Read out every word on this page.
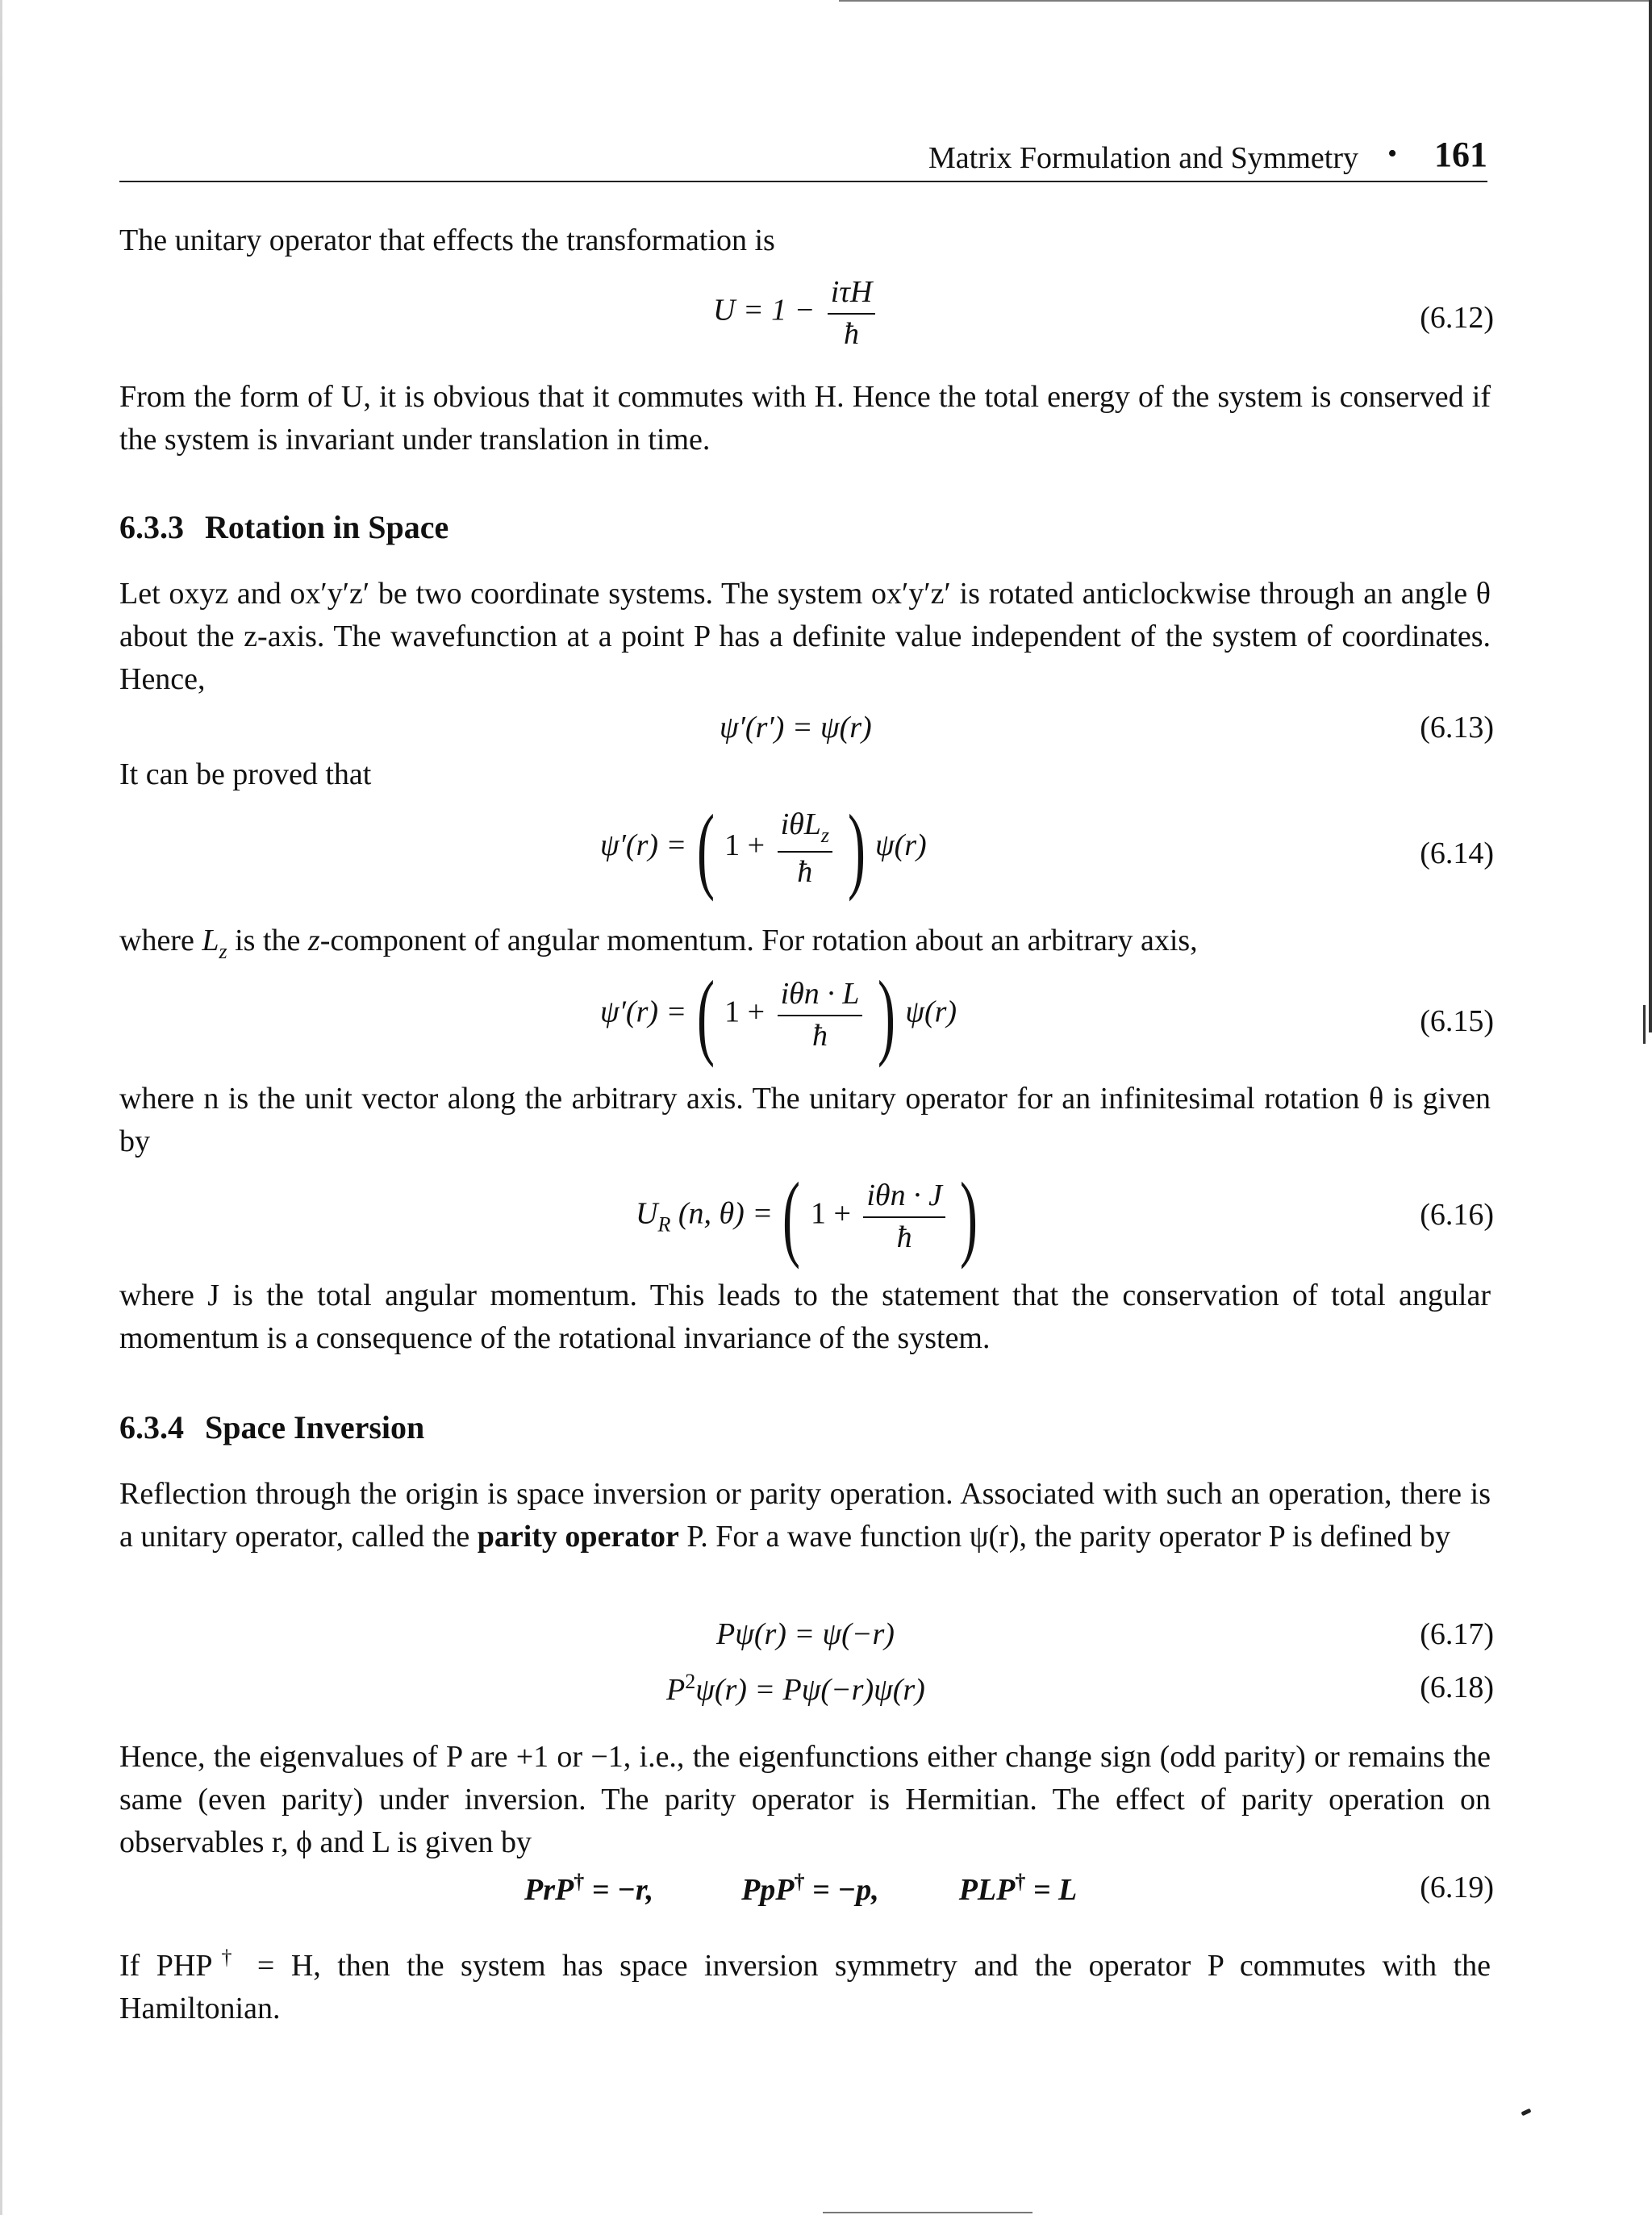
Matrix Formulation and Symmetry • 161
The unitary operator that effects the transformation is
$U = 1 - \frac{\text{iτH}}{ħ}$	(6.12)
From the form of U, it is obvious that it commutes with H. Hence the total energy of the system is conserved if the system is invariant under translation in time.
6.3.3 Rotation in Space
Let oxyz and ox′y′z′ be two coordinate systems. The system ox′y′z′ is rotated anticlockwise through an angle θ about the z-axis. The wavefunction at a point P has a definite value independent of the system of coordinates. Hence,
ψ′(r′) = ψ(r)	(6.13)
It can be proved that
ψ′(r) = ( $1 + \frac{i\theta L_z}{ħ}$ ) ψ(r)	(6.14)
where $L_z$ is the z-component of angular momentum. For rotation about an arbitrary axis,
ψ′(r) = ( $1 + \frac{\text{iθn · L}}{ħ}$ ) ψ(r)	(6.15)
where n is the unit vector along the arbitrary axis. The unitary operator for an infinitesimal rotation θ is given by
$U_R$ (n, θ) = ( $1 + \frac{\text{iθn · J}}{ħ}$ )	(6.16)
where J is the total angular momentum. This leads to the statement that the conservation of total angular momentum is a consequence of the rotational invariance of the system.
6.3.4 Space Inversion
Reflection through the origin is space inversion or parity operation. Associated with such an operation, there is a unitary operator, called the parity operator P. For a wave function ψ(r), the parity operator P is defined by
Pψ(r) = ψ(−r)	(6.17)
$P^2\psi(r) = P\psi(-r)\psi(r)$	(6.18)
Hence, the eigenvalues of P are +1 or −1, i.e., the eigenfunctions either change sign (odd parity) or remains the same (even parity) under inversion. The parity operator is Hermitian. The effect of parity operation on observables r, ϕ and L is given by
PrP† = −r,	PpP† = −p,	PLP† = L	(6.19)
If PHP† = H, then the system has space inversion symmetry and the operator P commutes with the Hamiltonian.
